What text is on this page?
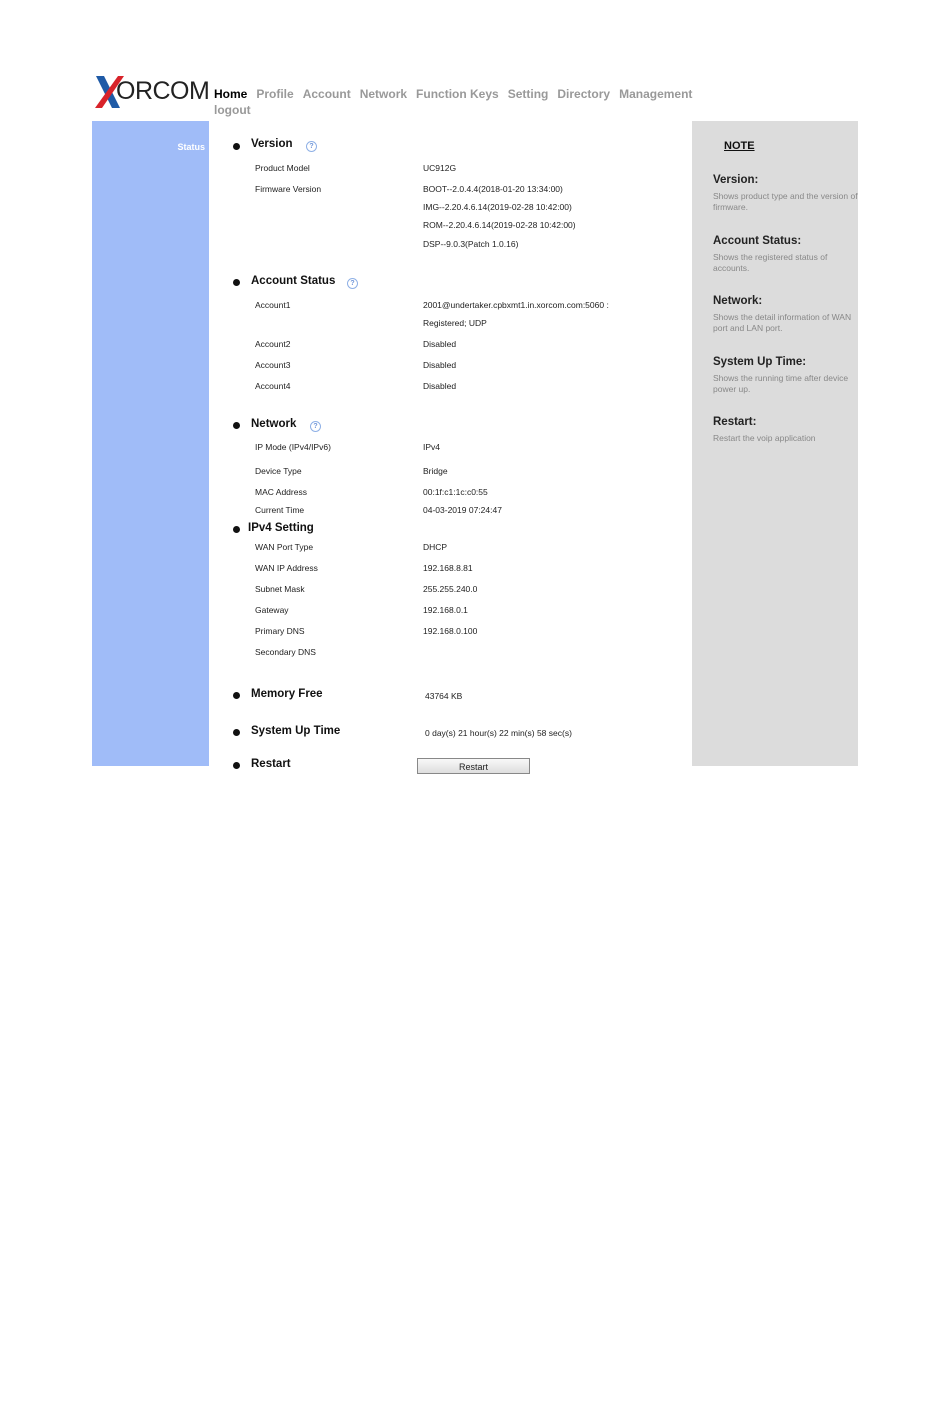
ORCOM Home Profile Account Network Function Keys Setting Directory Management
logout
Status	Version	?
Product Model	UC912G
Firmware Version	BOOT--2.0.4.4(2018-01-20 13:34:00)
IMG--2.20.4.6.14(2019-02-28 10:42:00)
ROM--2.20.4.6.14(2019-02-28 10:42:00)
DSP--9.0.3(Patch 1.0.16)
Account Status	?
Account1	2001@undertaker.cpbxmt1.in.xorcom.com:5060 :
Registered; UDP
Account2	Disabled
Account3	Disabled
Account4	Disabled
Network	?
IP Mode (IPv4/IPv6)	IPv4
Device Type	Bridge
MAC Address	00:1f:c1:1c:c0:55
Current Time	04-03-2019 07:24:47
IPv4 Setting
WAN Port Type	DHCP
WAN IP Address	192.168.8.81
Subnet Mask	255.255.240.0
Gateway	192.168.0.1
Primary DNS	192.168.0.100
Secondary DNS
Memory Free	43764 KB
System Up Time	0 day(s) 21 hour(s) 22 min(s) 58 sec(s)
Restart	Restart
NOTE
Version:
Shows product type and the version of firmware.
Account Status:
Shows the registered status of accounts.
Network:
Shows the detail information of WAN port and LAN port.
System Up Time:
Shows the running time after device power up.
Restart:
Restart the voip application
